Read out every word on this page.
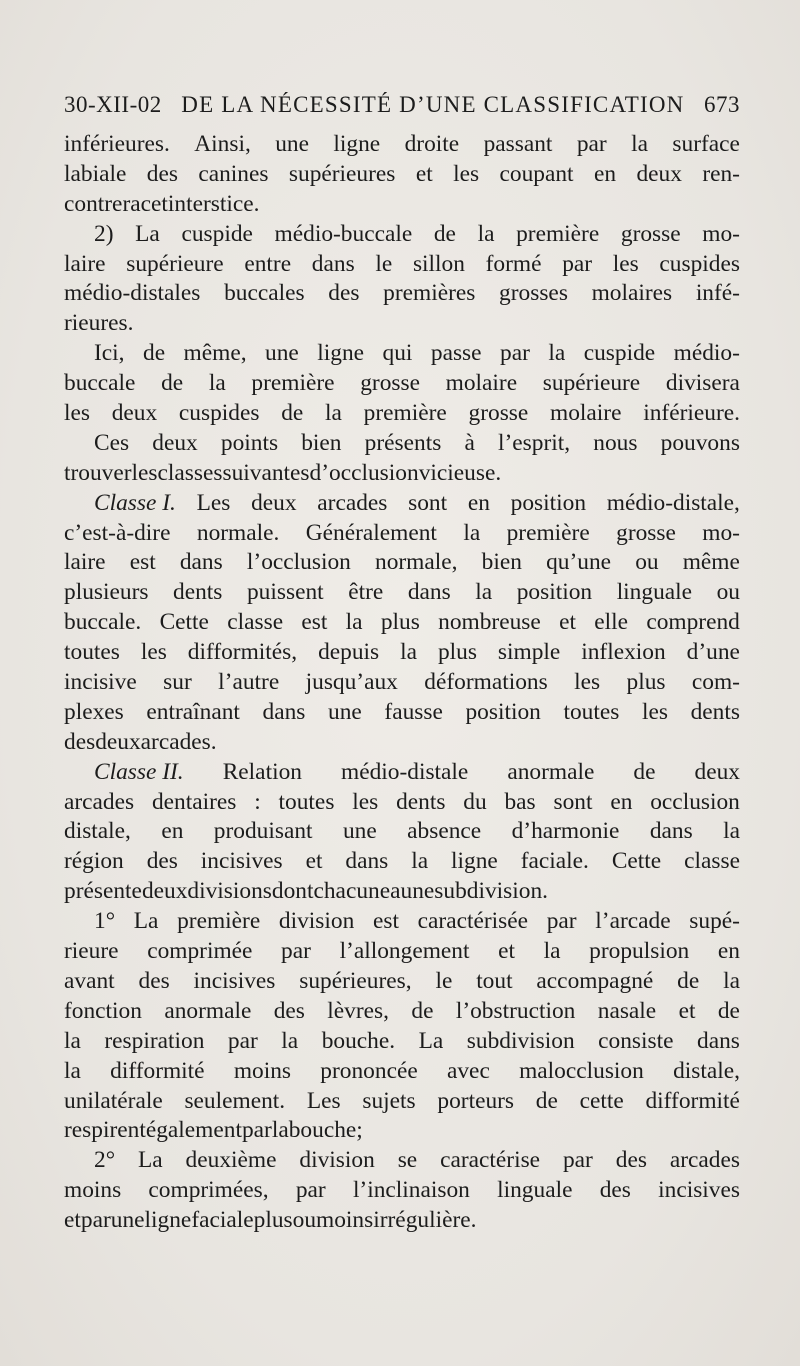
30-XII-02 DE LA NÉCESSITÉ D’UNE CLASSIFICATION 673
inférieures. Ainsi, une ligne droite passant par la surface
labiale des canines supérieures et les coupant en deux ren-
contrera cet interstice.
2) La cuspide médio-buccale de la première grosse mo-
laire supérieure entre dans le sillon formé par les cuspides
médio-distales buccales des premières grosses molaires infé-
rieures.
Ici, de même, une ligne qui passe par la cuspide médio-
buccale de la première grosse molaire supérieure divisera
les deux cuspides de la première grosse molaire inférieure.
Ces deux points bien présents à l’esprit, nous pouvons
trouver les classes suivantes d’occlusion vicieuse.
Classe I. Les deux arcades sont en position médio-distale,
c’est-à-dire normale. Généralement la première grosse mo-
laire est dans l’occlusion normale, bien qu’une ou même
plusieurs dents puissent être dans la position linguale ou
buccale. Cette classe est la plus nombreuse et elle comprend
toutes les difformités, depuis la plus simple inflexion d’une
incisive sur l’autre jusqu’aux déformations les plus com-
plexes entraînant dans une fausse position toutes les dents
des deux arcades.
Classe II. Relation médio-distale anormale de deux
arcades dentaires : toutes les dents du bas sont en occlusion
distale, en produisant une absence d’harmonie dans la
région des incisives et dans la ligne faciale. Cette classe
présente deux divisions dont chacune a une subdivision.
1° La première division est caractérisée par l’arcade supé-
rieure comprimée par l’allongement et la propulsion en
avant des incisives supérieures, le tout accompagné de la
fonction anormale des lèvres, de l’obstruction nasale et de
la respiration par la bouche. La subdivision consiste dans
la difformité moins prononcée avec malocclusion distale,
unilatérale seulement. Les sujets porteurs de cette difformité
respirent également par la bouche ;
2° La deuxième division se caractérise par des arcades
moins comprimées, par l’inclinaison linguale des incisives
et par une ligne faciale plus ou moins irrégulière.
